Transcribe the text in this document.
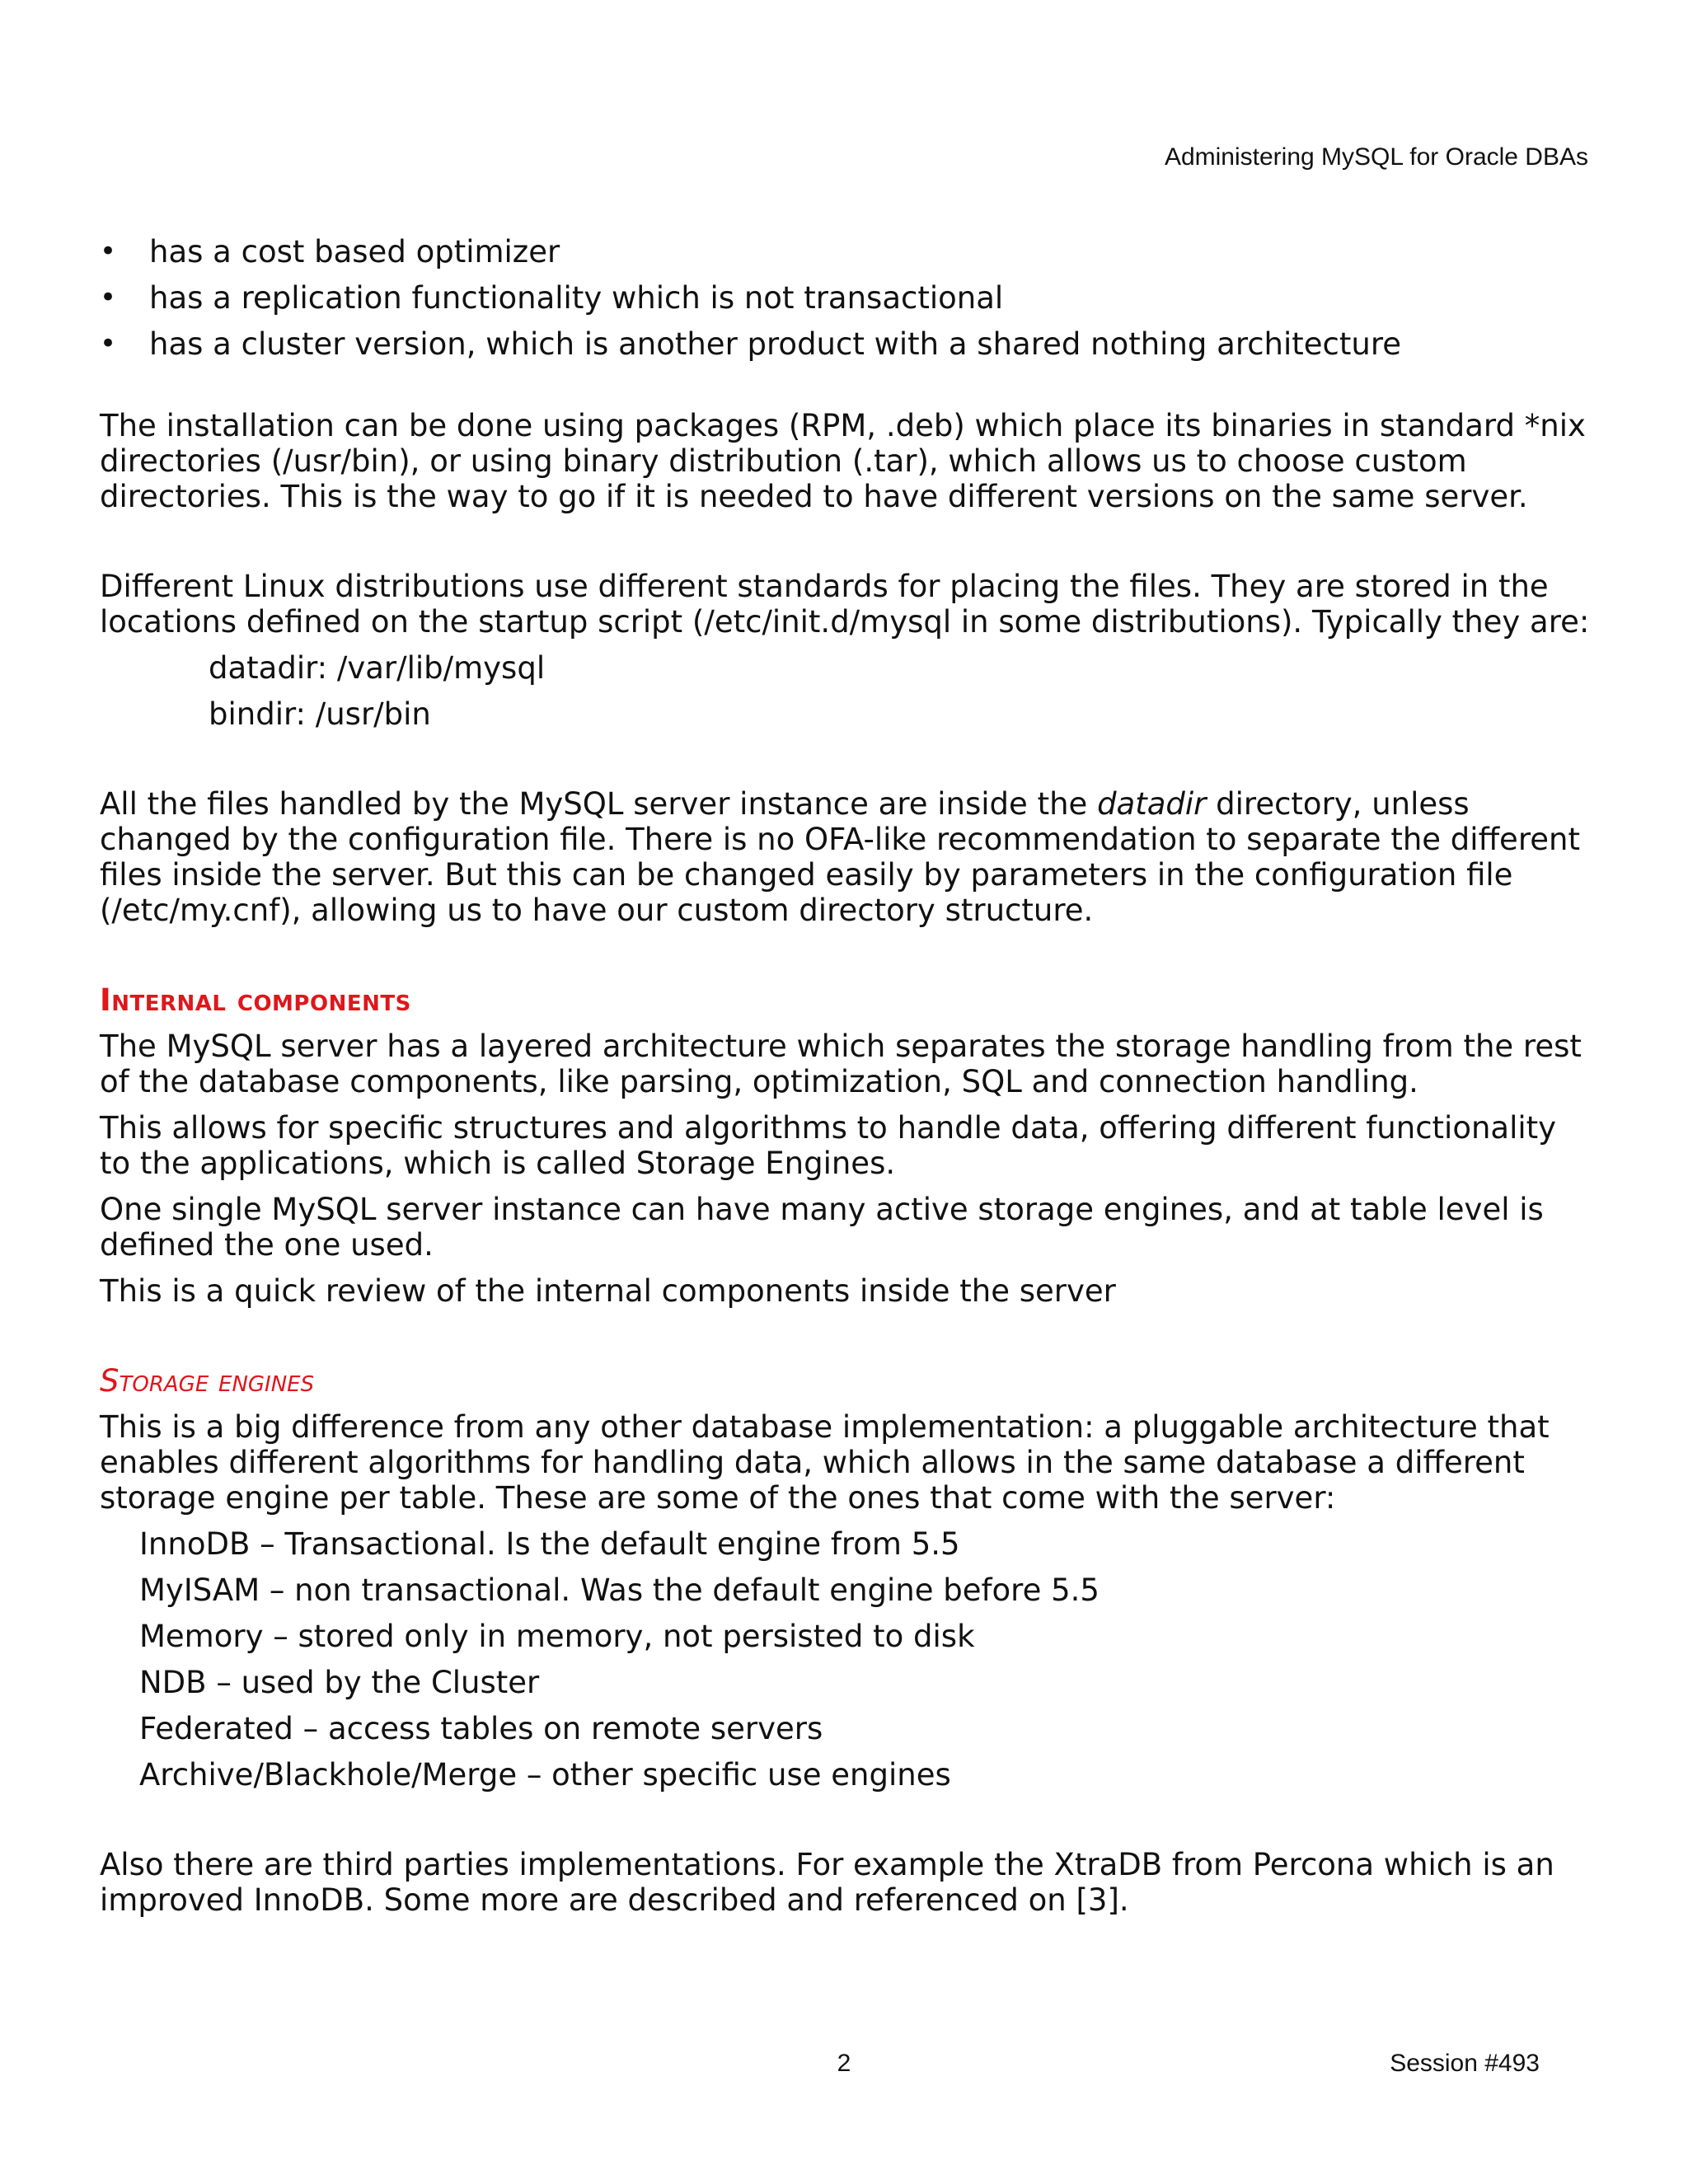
Administering MySQL for Oracle DBAs
• has a cost based optimizer
• has a replication functionality which is not transactional
• has a cluster version, which is another product with a shared nothing architecture

The installation can be done using packages (RPM, .deb) which place its binaries in standard *nix directories (/usr/bin), or using binary distribution (.tar), which allows us to choose custom directories. This is the way to go if it is needed to have different versions on the same server.

Different Linux distributions use different standards for placing the files. They are stored in the locations defined on the startup script (/etc/init.d/mysql in some distributions). Typically they are:

datadir: /var/lib/mysql
bindir: /usr/bin

All the files handled by the MySQL server instance are inside the datadir directory, unless changed by the configuration file. There is no OFA-like recommendation to separate the different files inside the server. But this can be changed easily by parameters in the configuration file (/etc/my.cnf), allowing us to have our custom directory structure.

Internal components

The MySQL server has a layered architecture which separates the storage handling from the rest of the database components, like parsing, optimization, SQL and connection handling.

This allows for specific structures and algorithms to handle data, offering different functionality to the applications, which is called Storage Engines.

One single MySQL server instance can have many active storage engines, and at table level is defined the one used.

This is a quick review of the internal components inside the server

Storage engines

This is a big difference from any other database implementation: a pluggable architecture that enables different algorithms for handling data, which allows in the same database a different storage engine per table. These are some of the ones that come with the server:

InnoDB – Transactional. Is the default engine from 5.5
MyISAM – non transactional. Was the default engine before 5.5
Memory – stored only in memory, not persisted to disk
NDB – used by the Cluster
Federated – access tables on remote servers
Archive/Blackhole/Merge – other specific use engines

Also there are third parties implementations. For example the XtraDB from Percona which is an improved InnoDB. Some more are described and referenced on [3].

2	Session #493
